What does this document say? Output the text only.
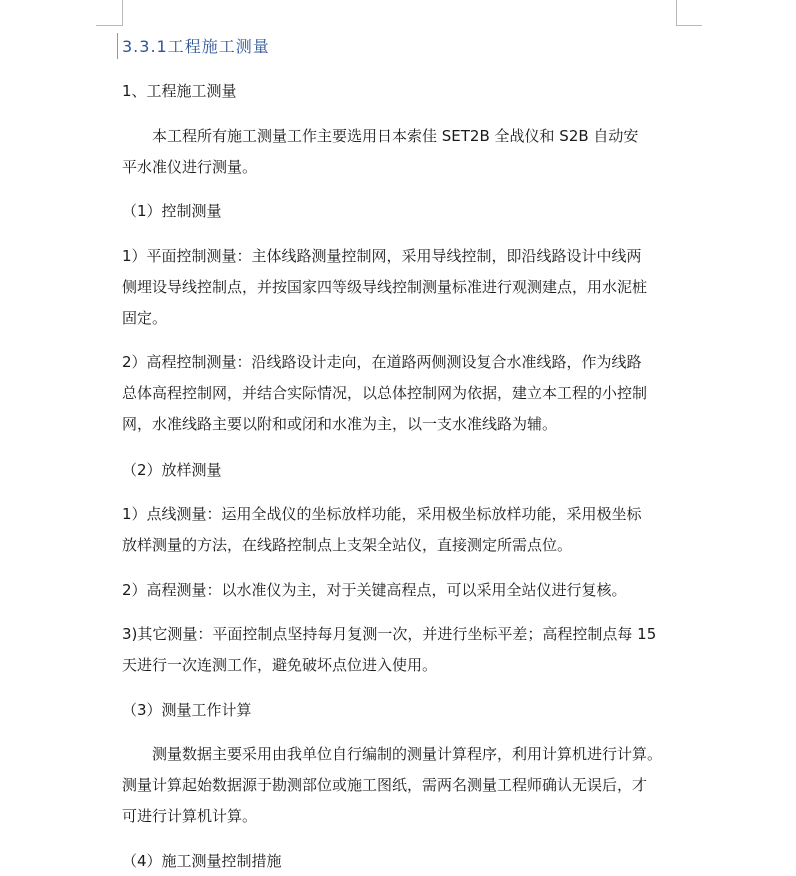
3.3.1工程施工测量
1、工程施工测量
本工程所有施工测量工作主要选用日本索佳 SET2B 全战仪和 S2B 自动安
平水准仪进行测量。
（1）控制测量
1）平面控制测量：主体线路测量控制网，采用导线控制，即沿线路设计中线两
侧埋设导线控制点，并按国家四等级导线控制测量标准进行观测建点，用水泥桩
固定。
2）高程控制测量：沿线路设计走向，在道路两侧测设复合水准线路，作为线路
总体高程控制网，并结合实际情况，以总体控制网为依据，建立本工程的小控制
网，水准线路主要以附和或闭和水准为主，以一支水准线路为辅。
（2）放样测量
1）点线测量：运用全战仪的坐标放样功能，采用极坐标放样功能，采用极坐标
放样测量的方法，在线路控制点上支架全站仪，直接测定所需点位。
2）高程测量：以水准仪为主，对于关键高程点，可以采用全站仪进行复核。
3)其它测量：平面控制点坚持每月复测一次，并进行坐标平差；高程控制点每 15
天进行一次连测工作，避免破坏点位进入使用。
（3）测量工作计算
测量数据主要采用由我单位自行编制的测量计算程序，利用计算机进行计算。
测量计算起始数据源于勘测部位或施工图纸，需两名测量工程师确认无误后，才
可进行计算机计算。
（4）施工测量控制措施
